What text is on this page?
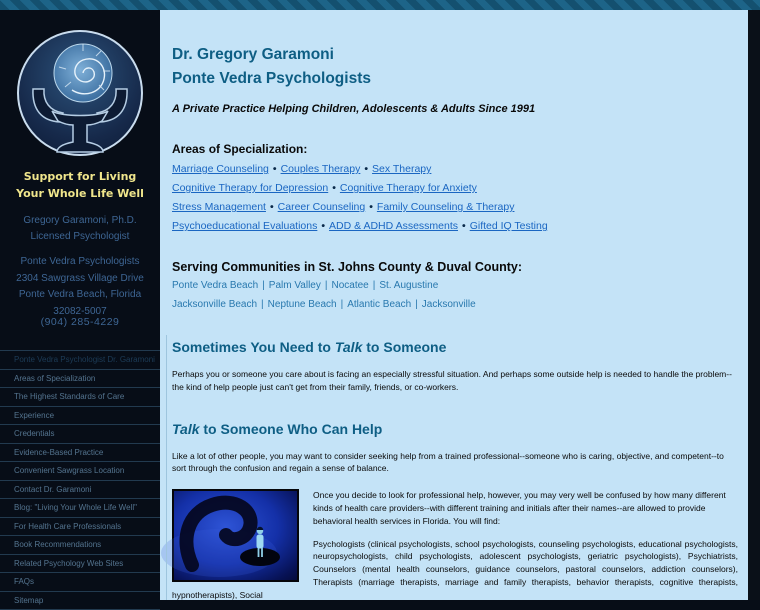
Support for Living
Your Whole Life Well
Gregory Garamoni, Ph.D.
Licensed Psychologist
Ponte Vedra Psychologists
2304 Sawgrass Village Drive
Ponte Vedra Beach, Florida
32082-5007
(904) 285-4229
Ponte Vedra Psychologist Dr. Garamoni
Areas of Specialization
The Highest Standards of Care
Experience
Credentials
Evidence-Based Practice
Convenient Sawgrass Location
Contact Dr. Garamoni
Blog: "Living Your Whole Life Well"
For Health Care Professionals
Book Recommendations
Related Psychology Web Sites
FAQs
Sitemap
Dr. Gregory Garamoni
Ponte Vedra Psychologists
A Private Practice Helping Children, Adolescents & Adults Since 1991
Areas of Specialization:
Marriage Counseling • Couples Therapy • Sex Therapy
Cognitive Therapy for Depression • Cognitive Therapy for Anxiety
Stress Management • Career Counseling • Family Counseling & Therapy
Psychoeducational Evaluations • ADD & ADHD Assessments • Gifted IQ Testing
Serving Communities in St. Johns County & Duval County:
Ponte Vedra Beach | Palm Valley | Nocatee | St. Augustine
Jacksonville Beach | Neptune Beach | Atlantic Beach | Jacksonville
Sometimes You Need to Talk to Someone

Perhaps you or someone you care about is facing an especially stressful situation. And perhaps some outside help is needed to handle the problem--the kind of help people just can't get from their family, friends, or co-workers.

Talk to Someone Who Can Help

Like a lot of other people, you may want to consider seeking help from a trained professional--someone who is caring, objective, and competent--to sort through the confusion and regain a sense of balance.

Once you decide to look for professional help, however, you may very well be confused by how many different kinds of health care providers--with different training and initials after their names--are allowed to provide behavioral health services in Florida. You will find:

Psychologists (clinical psychologists, school psychologists, counseling psychologists, educational psychologists, neuropsychologists, child psychologists, adolescent psychologists, geriatric psychologists), Psychiatrists, Counselors (mental health counselors, guidance counselors, pastoral counselors, addiction counselors), Therapists (marriage therapists, marriage and family therapists, behavior therapists, cognitive therapists, hypnotherapists), Social
